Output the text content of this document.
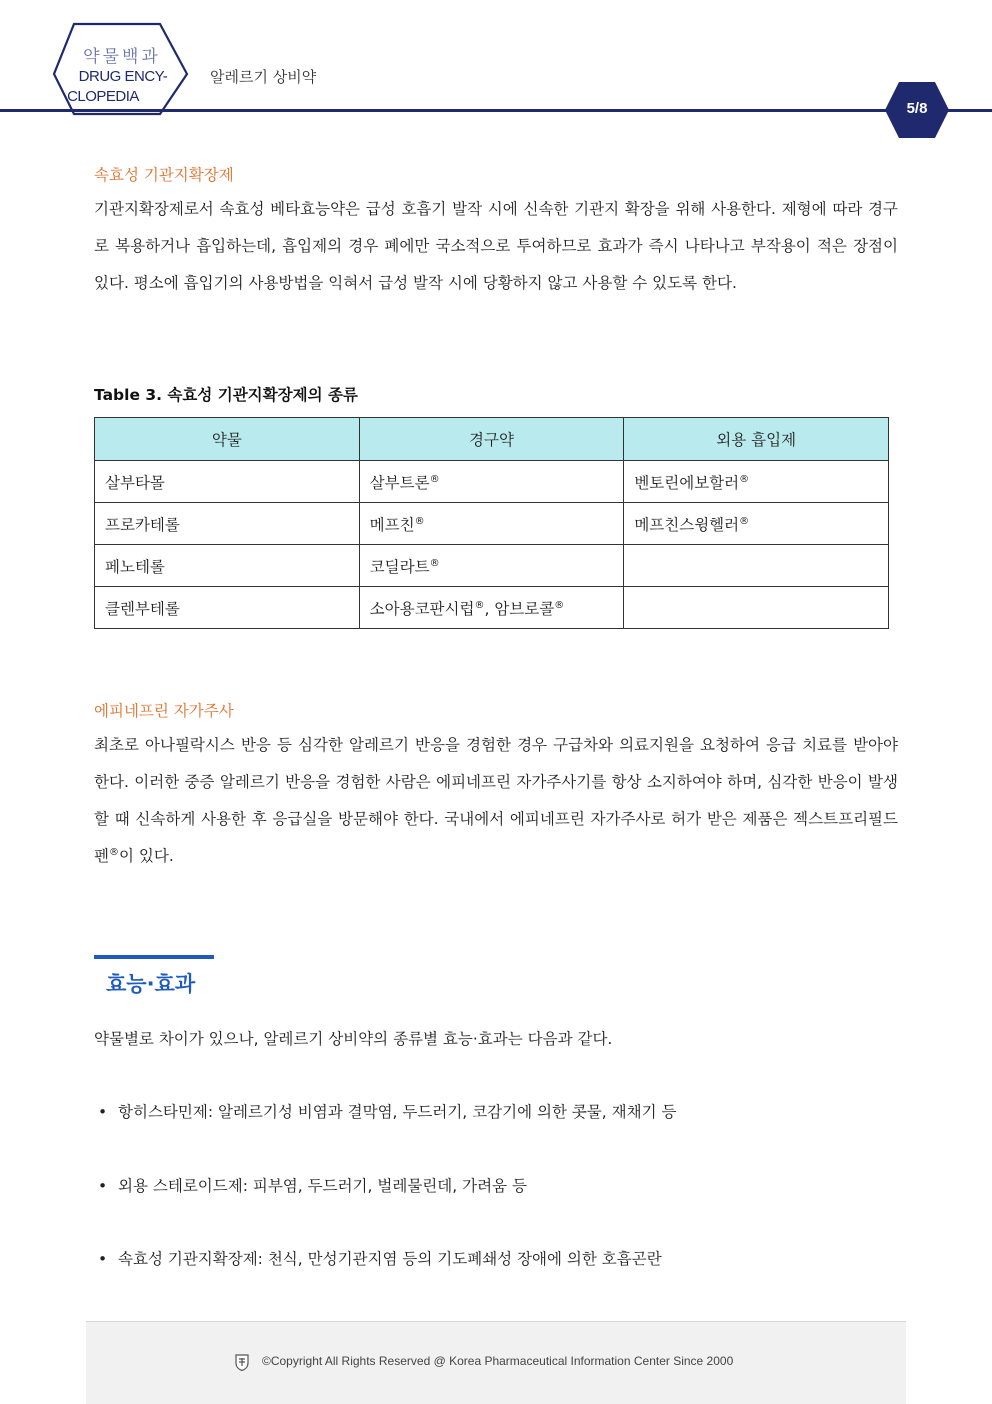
약물백과
DRUG ENCY-
CLOPEDIA
알레르기 상비약
5/8
속효성 기관지확장제
기관지확장제로서 속효성 베타효능약은 급성 호흡기 발작 시에 신속한 기관지 확장을 위해 사용한다. 제형에 따라 경구로 복용하거나 흡입하는데, 흡입제의 경우 폐에만 국소적으로 투여하므로 효과가 즉시 나타나고 부작용이 적은 장점이 있다. 평소에 흡입기의 사용방법을 익혀서 급성 발작 시에 당황하지 않고 사용할 수 있도록 한다.
Table 3. 속효성 기관지확장제의 종류
약물	경구약	외용 흡입제
살부타몰	살부트론®	벤토린에보할러®
프로카테롤	메프친®	메프친스윙헬러®
페노테롤	코딜라트®	
클렌부테롤	소아용코판시럽®, 암브로콜®	
에피네프린 자가주사
최초로 아나필락시스 반응 등 심각한 알레르기 반응을 경험한 경우 구급차와 의료지원을 요청하여 응급 치료를 받아야 한다. 이러한 중증 알레르기 반응을 경험한 사람은 에피네프린 자가주사기를 항상 소지하여야 하며, 심각한 반응이 발생할 때 신속하게 사용한 후 응급실을 방문해야 한다. 국내에서 에피네프린 자가주사로 허가 받은 제품은 젝스트프리필드펜®이 있다.
효능·효과
약물별로 차이가 있으나, 알레르기 상비약의 종류별 효능·효과는 다음과 같다.
• 항히스타민제: 알레르기성 비염과 결막염, 두드러기, 코감기에 의한 콧물, 재채기 등
• 외용 스테로이드제: 피부염, 두드러기, 벌레물린데, 가려움 등
• 속효성 기관지확장제: 천식, 만성기관지염 등의 기도폐쇄성 장애에 의한 호흡곤란
©Copyright All Rights Reserved @ Korea Pharmaceutical Information Center Since 2000
